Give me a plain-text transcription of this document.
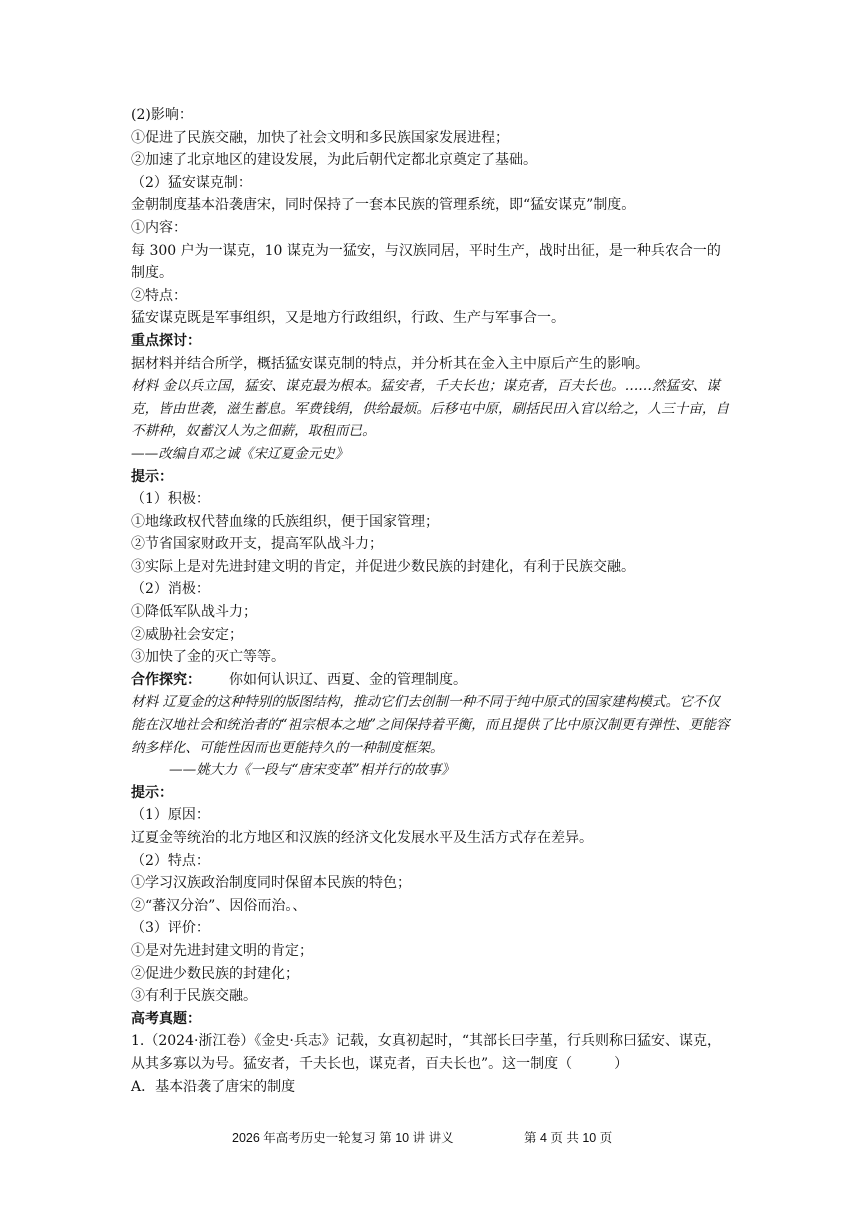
(2)影响：
①促进了民族交融，加快了社会文明和多民族国家发展进程；
②加速了北京地区的建设发展，为此后朝代定都北京奠定了基础。
（2）猛安谋克制：
金朝制度基本沿袭唐宋，同时保持了一套本民族的管理系统，即“猛安谋克”制度。
①内容：
每 300 户为一谋克，10 谋克为一猛安，与汉族同居，平时生产，战时出征，是一种兵农合一的制度。
②特点：
猛安谋克既是军事组织，又是地方行政组织，行政、生产与军事合一。
重点探讨：
据材料并结合所学，概括猛安谋克制的特点，并分析其在金入主中原后产生的影响。
材料 金以兵立国，猛安、谋克最为根本。猛安者，千夫长也；谋克者，百夫长也。……然猛安、谋克，皆由世袭，滋生蓄息。军费钱绢，供给最烦。后移屯中原，刷括民田入官以给之，人三十亩，自不耕种，奴蓄汉人为之佃薪，取租而已。
——改编自邓之诚《宋辽夏金元史》
提示：
（1）积极：
①地缘政权代替血缘的氏族组织，便于国家管理；
②节省国家财政开支，提高军队战斗力；
③实际上是对先进封建文明的肯定，并促进少数民族的封建化，有利于民族交融。
（2）消极：
①降低军队战斗力；
②威胁社会安定；
③加快了金的灭亡等等。
合作探究： 你如何认识辽、西夏、金的管理制度。
材料 辽夏金的这种特别的版图结构，推动它们去创制一种不同于纯中原式的国家建构模式。它不仅能在汉地社会和统治者的“祖宗根本之地”之间保持着平衡，而且提供了比中原汉制更有弹性、更能容纳多样化、可能性因而也更能持久的一种制度框架。
——姚大力《一段与“唐宋变革”相并行的故事》
提示：
（1）原因：
辽夏金等统治的北方地区和汉族的经济文化发展水平及生活方式存在差异。
（2）特点：
①学习汉族政治制度同时保留本民族的特色；
②“蕃汉分治”、因俗而治。、
（3）评价：
①是对先进封建文明的肯定；
②促进少数民族的封建化；
③有利于民族交融。
高考真题：
1.（2024·浙江卷）《金史·兵志》记载，女真初起时，“其部长曰孛堇，行兵则称曰猛安、谋克，从其多寡以为号。猛安者，千夫长也，谋克者，百夫长也”。这一制度（　　　）
A．基本沿袭了唐宋的制度
2026 年高考历史一轮复习 第 10 讲 讲义	第 4 页 共 10 页
